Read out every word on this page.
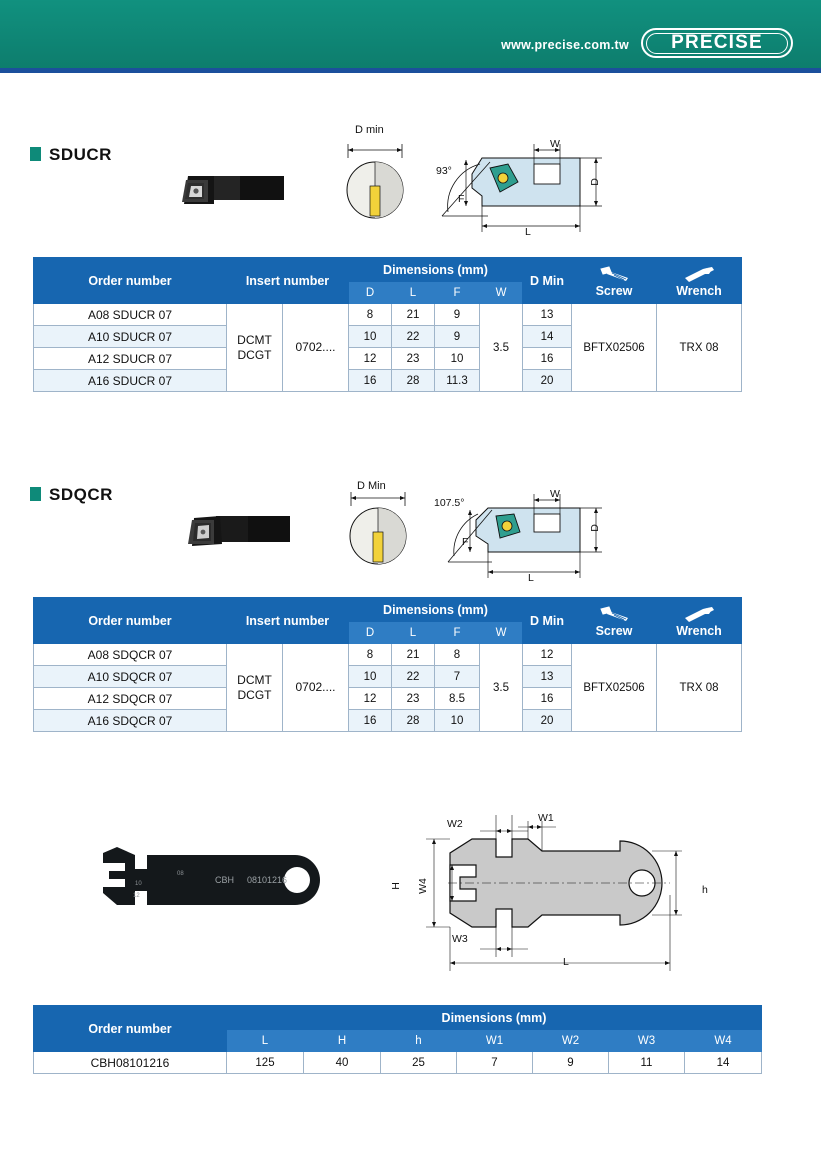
www.precise.com.tw	PRECISE
SDUCR
D min
93°
F
W
D
L
Order number	Insert number		Dimensions (mm)				D Min	Screw	Wrench
			D	L	F	W			
A08 SDUCR 07	DCMT
DCGT	0702....	8	21	9	3.5	13	BFTX02506	TRX 08
A10 SDUCR 07			10	22	9		14		
A12 SDUCR 07			12	23	10		16		
A16 SDUCR 07			16	28	11.3		20		
SDQCR	D Min
107.5°
F
W
D
L
Order number	Insert number		Dimensions (mm)				D Min	Screw	Wrench
			D	L	F	W			
A08 SDQCR 07	DCMT
DCGT	0702....	8	21	8	3.5	12	BFTX02506	TRX 08
A10 SDQCR 07			10	22	7		13		
A12 SDQCR 07			12	23	8.5		16		
A16 SDQCR 07			16	28	10		20		
CBH 08101216
10
12
08
W1
W2
W3
W4
H	h
L
Order number	Dimensions (mm)						
	L	H	h	W1	W2	W3	W4
CBH08101216	125	40	25	7	9	11	14
